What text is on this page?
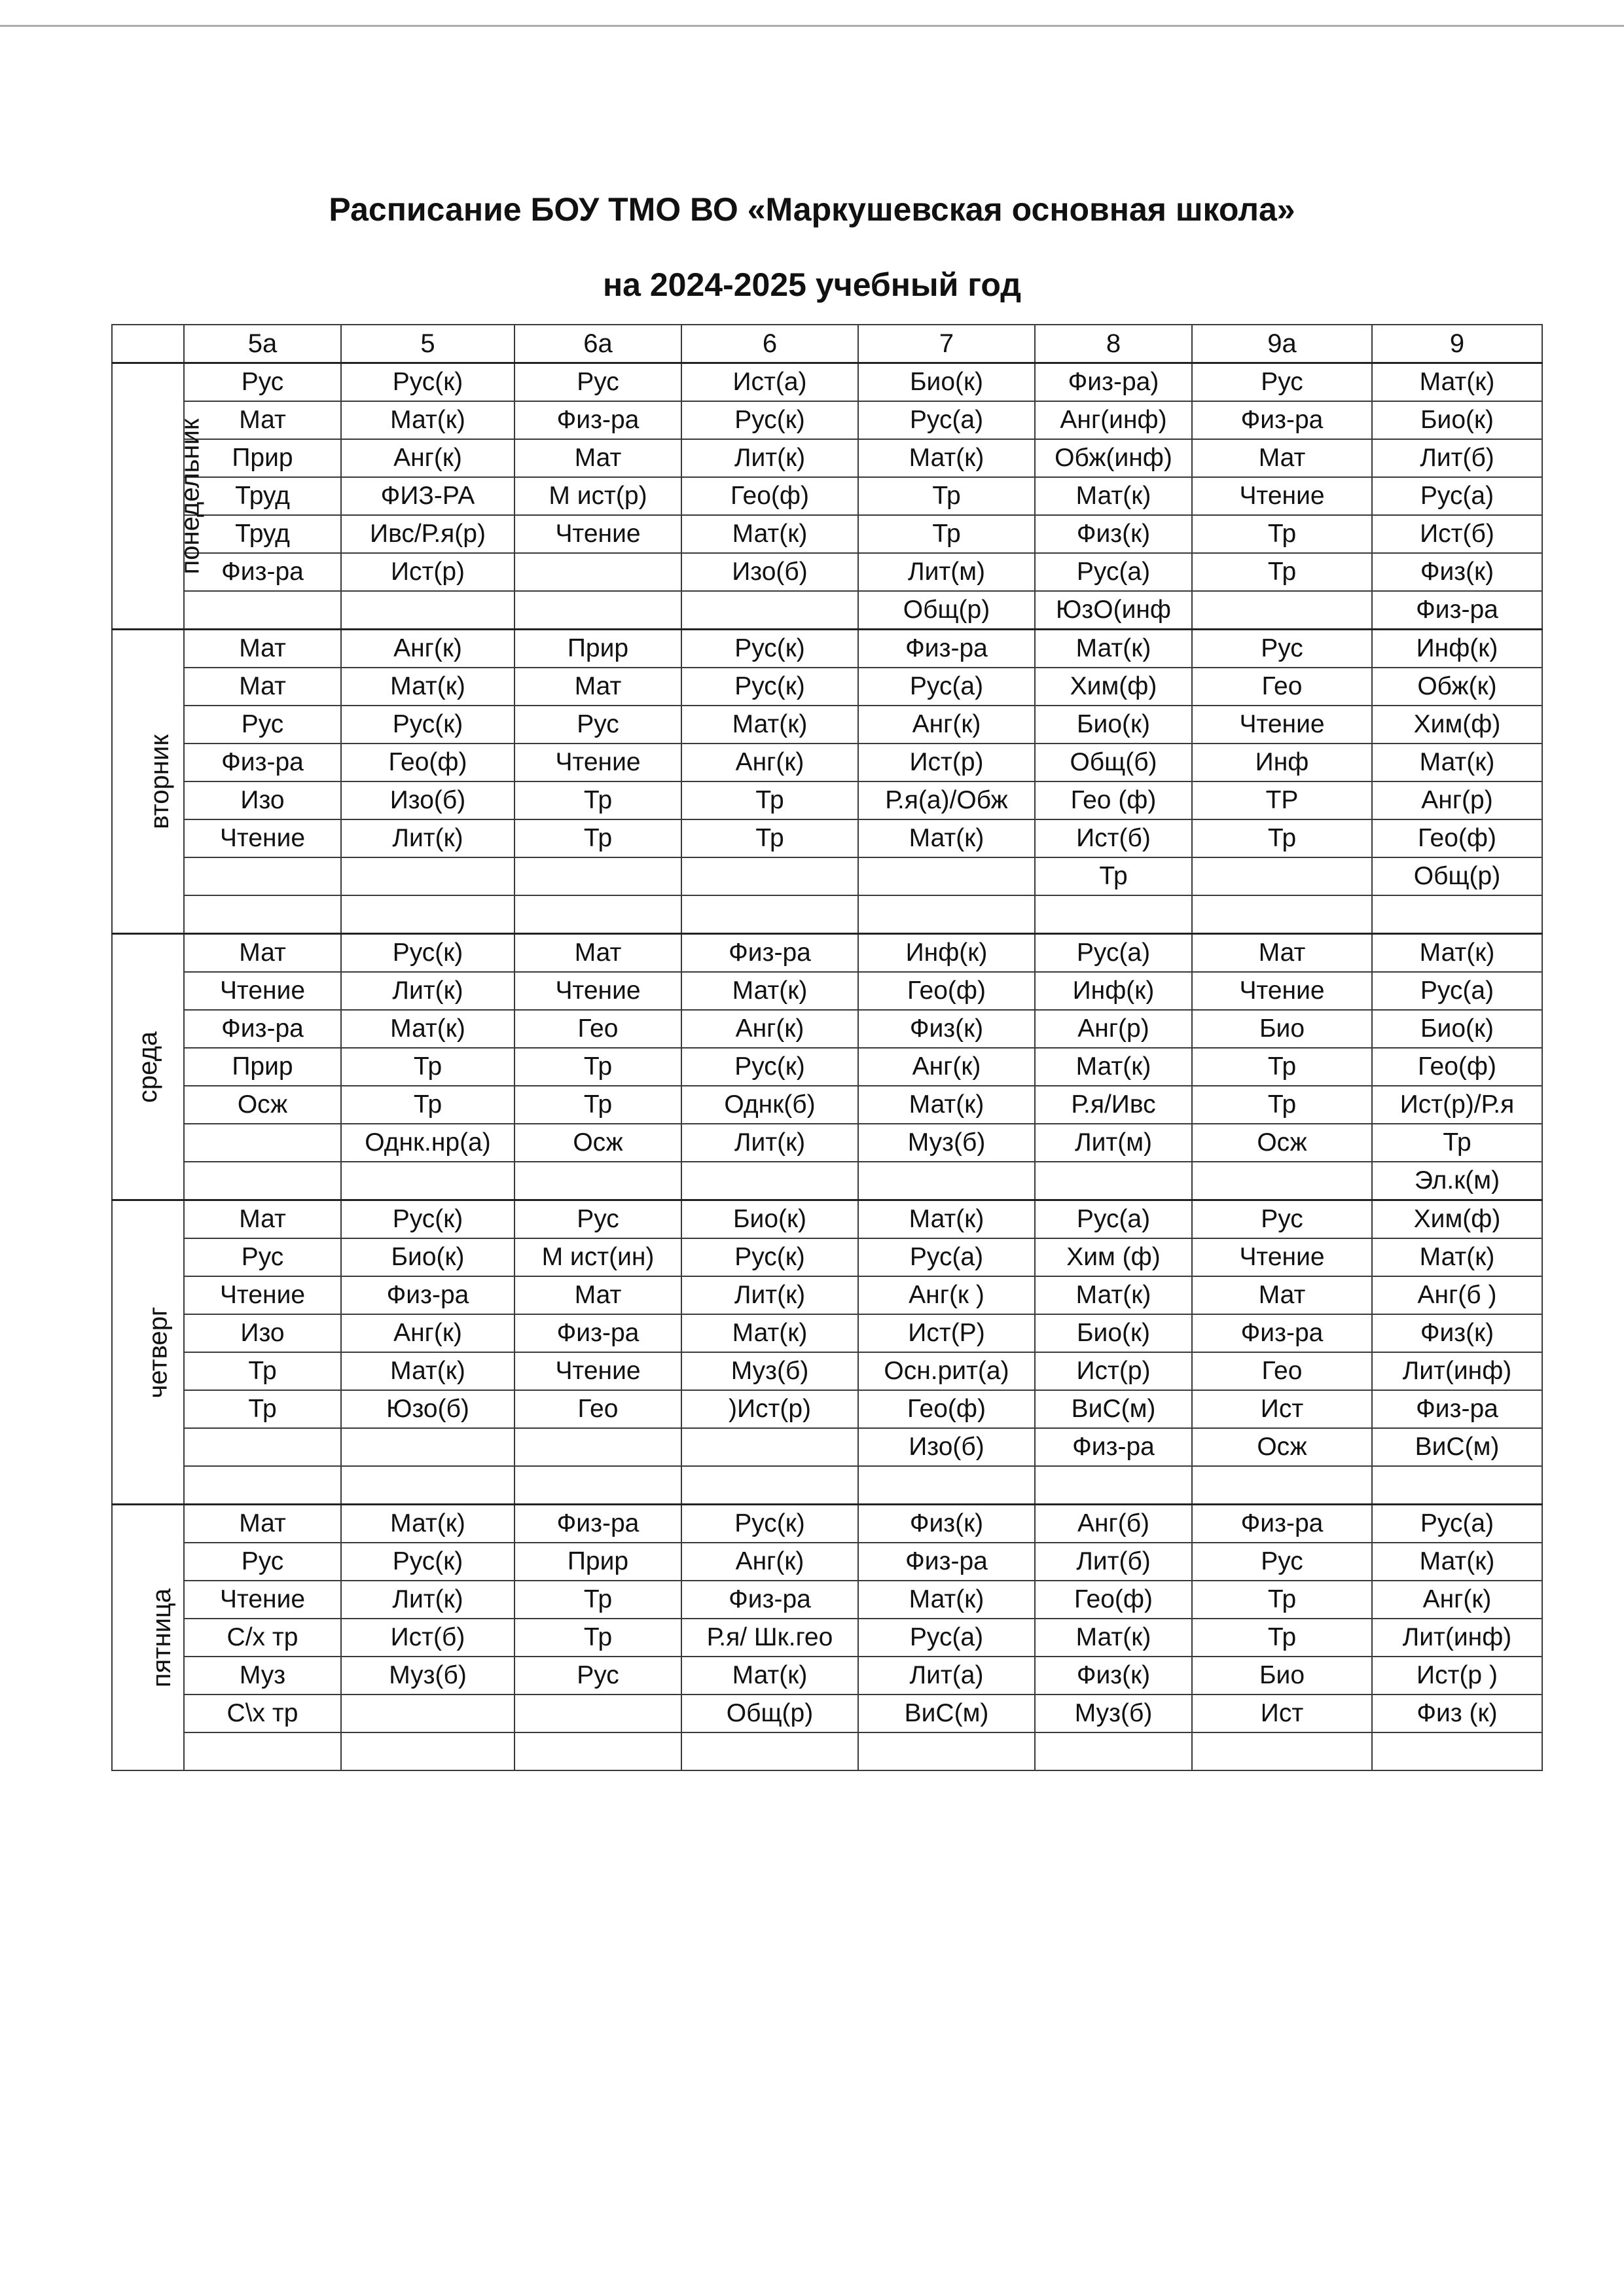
Расписание БОУ ТМО ВО «Маркушевская основная школа»
на 2024-2025 учебный год
	5а	5	6а	6	7	8	9а	9
понедельник	Рус	Рус(к)	Рус	Ист(а)	Био(к)	Физ-ра)	Рус	Мат(к)
	Мат	Мат(к)	Физ-ра	Рус(к)	Рус(а)	Анг(инф)	Физ-ра	Био(к)
	Прир	Анг(к)	Мат	Лит(к)	Мат(к)	Обж(инф)	Мат	Лит(б)
	Труд	ФИЗ-РА	М ист(р)	Гео(ф)	Тр	Мат(к)	Чтение	Рус(а)
	Труд	Ивс/Р.я(р)	Чтение	Мат(к)	Тр	Физ(к)	Тр	Ист(б)
	Физ-ра	Ист(р)		Изо(б)	Лит(м)	Рус(а)	Тр	Физ(к)
					Общ(р)	ЮзО(инф		Физ-ра
вторник	Мат	Анг(к)	Прир	Рус(к)	Физ-ра	Мат(к)	Рус	Инф(к)
	Мат	Мат(к)	Мат	Рус(к)	Рус(а)	Хим(ф)	Гео	Обж(к)
	Рус	Рус(к)	Рус	Мат(к)	Анг(к)	Био(к)	Чтение	Хим(ф)
	Физ-ра	Гео(ф)	Чтение	Анг(к)	Ист(р)	Общ(б)	Инф	Мат(к)
	Изо	Изо(б)	Тр	Тр	Р.я(а)/Обж	Гео (ф)	ТР	Анг(р)
	Чтение	Лит(к)	Тр	Тр	Мат(к)	Ист(б)	Тр	Гео(ф)
						Тр		Общ(р)

среда	Мат	Рус(к)	Мат	Физ-ра	Инф(к)	Рус(а)	Мат	Мат(к)
	Чтение	Лит(к)	Чтение	Мат(к)	Гео(ф)	Инф(к)	Чтение	Рус(а)
	Физ-ра	Мат(к)	Гео	Анг(к)	Физ(к)	Анг(р)	Био	Био(к)
	Прир	Тр	Тр	Рус(к)	Анг(к)	Мат(к)	Тр	Гео(ф)
	Осж	Тр	Тр	Однк(б)	Мат(к)	Р.я/Ивс	Тр	Ист(р)/Р.я
		Однк.нр(а)	Осж	Лит(к)	Муз(б)	Лит(м)	Осж	Тр
								Эл.к(м)
четверг	Мат	Рус(к)	Рус	Био(к)	Мат(к)	Рус(а)	Рус	Хим(ф)
	Рус	Био(к)	М ист(ин)	Рус(к)	Рус(а)	Хим (ф)	Чтение	Мат(к)
	Чтение	Физ-ра	Мат	Лит(к)	Анг(к )	Мат(к)	Мат	Анг(б )
	Изо	Анг(к)	Физ-ра	Мат(к)	Ист(Р)	Био(к)	Физ-ра	Физ(к)
	Тр	Мат(к)	Чтение	Муз(б)	Осн.рит(а)	Ист(р)	Гео	Лит(инф)
	Тр	Юзо(б)	Гео	)Ист(р)	Гео(ф)	ВиС(м)	Ист	Физ-ра
					Изо(б)	Физ-ра	Осж	ВиС(м)

пятница	Мат	Мат(к)	Физ-ра	Рус(к)	Физ(к)	Анг(б)	Физ-ра	Рус(а)
	Рус	Рус(к)	Прир	Анг(к)	Физ-ра	Лит(б)	Рус	Мат(к)
	Чтение	Лит(к)	Тр	Физ-ра	Мат(к)	Гео(ф)	Тр	Анг(к)
	С/х тр	Ист(б)	Тр	Р.я/ Шк.гео	Рус(а)	Мат(к)	Тр	Лит(инф)
	Муз	Муз(б)	Рус	Мат(к)	Лит(а)	Физ(к)	Био	Ист(р )
	С\х тр			Общ(р)	ВиС(м)	Муз(б)	Ист	Физ (к)
